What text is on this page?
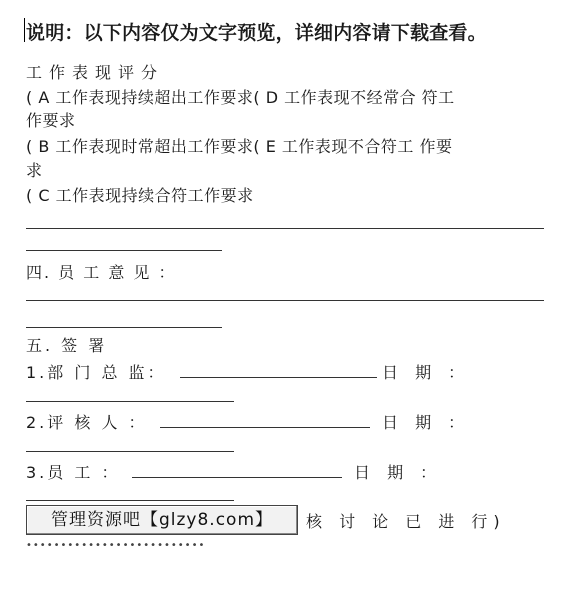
说明：以下内容仅为文字预览，详细内容请下载查看。
工作表现评分
( A 工作表现持续超出工作要求( D 工作表现不经常合 符工
作要求
( B 工作表现时常超出工作要求( E 工作表现不合符工 作要
求
( C 工作表现持续合符工作要求
四. 员 工 意 见 ：
五. 签 署
1.部 门 总 监：	日 期 ：
2.评 核 人 ：	日 期 ：
3.员 工 ：	日 期 ：
管理资源吧【glzy8.com】	核 讨 论 已 进 行)
••••••••••••••••••••••••••
